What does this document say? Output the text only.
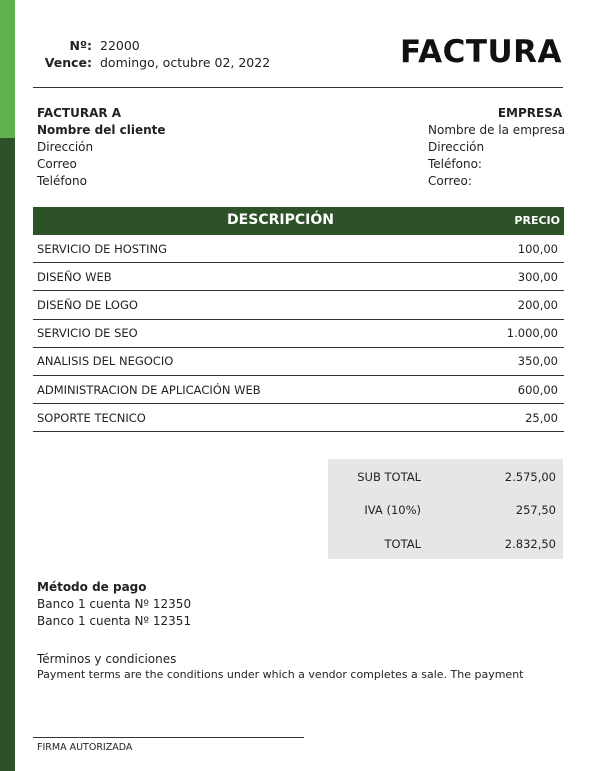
Nº: 22000
Vence: domingo, octubre 02, 2022	FACTURA
FACTURAR A
Nombre del cliente
Dirección
Correo
Teléfono
EMPRESA
Nombre de la empresa
Dirección
Teléfono:
Correo:
DESCRIPCIÓN	PRECIO
SERVICIO DE HOSTING	100,00
DISEÑO WEB	300,00
DISEÑO DE LOGO	200,00
SERVICIO DE SEO	1.000,00
ANALISIS DEL NEGOCIO	350,00
ADMINISTRACION DE APLICACIÓN WEB	600,00
SOPORTE TECNICO	25,00
SUB TOTAL	2.575,00
IVA (10%)	257,50
TOTAL	2.832,50
Método de pago
Banco 1 cuenta Nº 12350
Banco 1 cuenta Nº 12351
Términos y condiciones
Payment terms are the conditions under which a vendor completes a sale. The payment
FIRMA AUTORIZADA
